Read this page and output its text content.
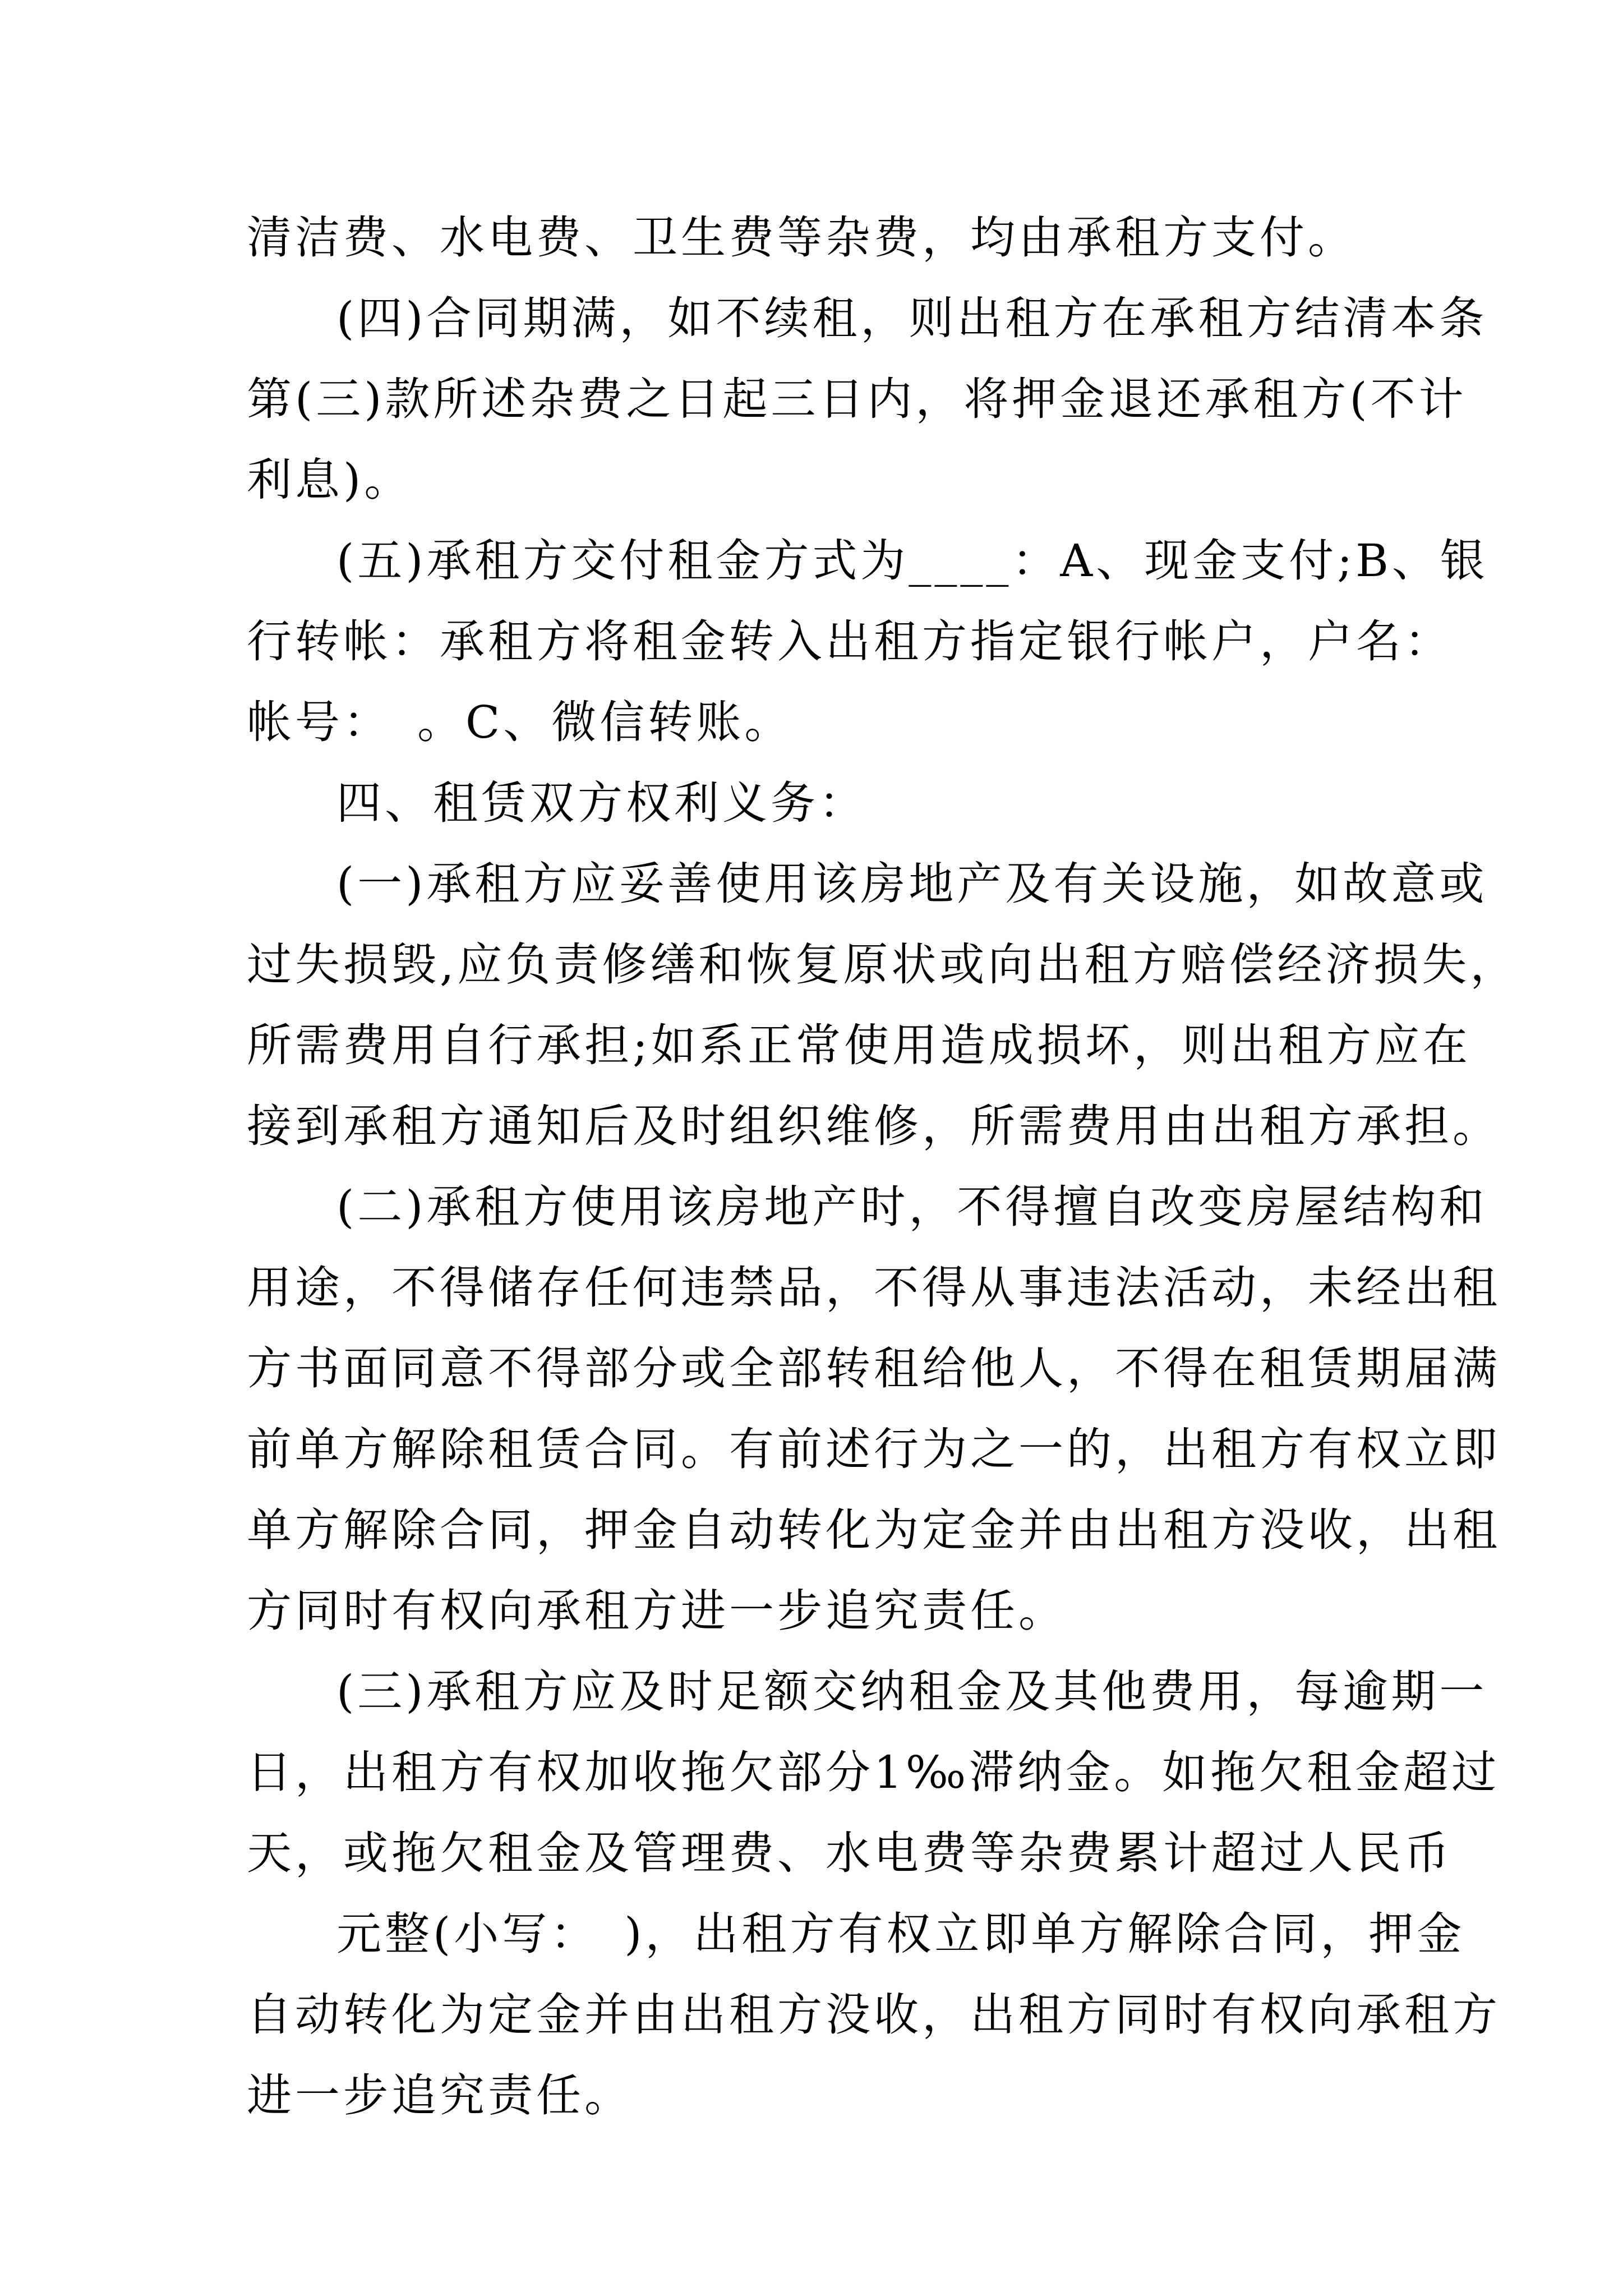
清洁费、水电费、卫生费等杂费，均由承租方支付。
(四)合同期满，如不续租，则出租方在承租方结清本条
第(三)款所述杂费之日起三日内，将押金退还承租方(不计
利息)。
(五)承租方交付租金方式为____：A、现金支付;B、银
行转帐：承租方将租金转入出租方指定银行帐户，户名：
帐号：　。C、微信转账。
四、租赁双方权利义务：
(一)承租方应妥善使用该房地产及有关设施，如故意或
过失损毁,应负责修缮和恢复原状或向出租方赔偿经济损失，
所需费用自行承担;如系正常使用造成损坏，则出租方应在
接到承租方通知后及时组织维修，所需费用由出租方承担。
(二)承租方使用该房地产时，不得擅自改变房屋结构和
用途，不得储存任何违禁品，不得从事违法活动，未经出租
方书面同意不得部分或全部转租给他人，不得在租赁期届满
前单方解除租赁合同。有前述行为之一的，出租方有权立即
单方解除合同，押金自动转化为定金并由出租方没收，出租
方同时有权向承租方进一步追究责任。
(三)承租方应及时足额交纳租金及其他费用，每逾期一
日，出租方有权加收拖欠部分1‰滞纳金。如拖欠租金超过
天，或拖欠租金及管理费、水电费等杂费累计超过人民币
元整(小写：　)，出租方有权立即单方解除合同，押金
自动转化为定金并由出租方没收，出租方同时有权向承租方
进一步追究责任。
